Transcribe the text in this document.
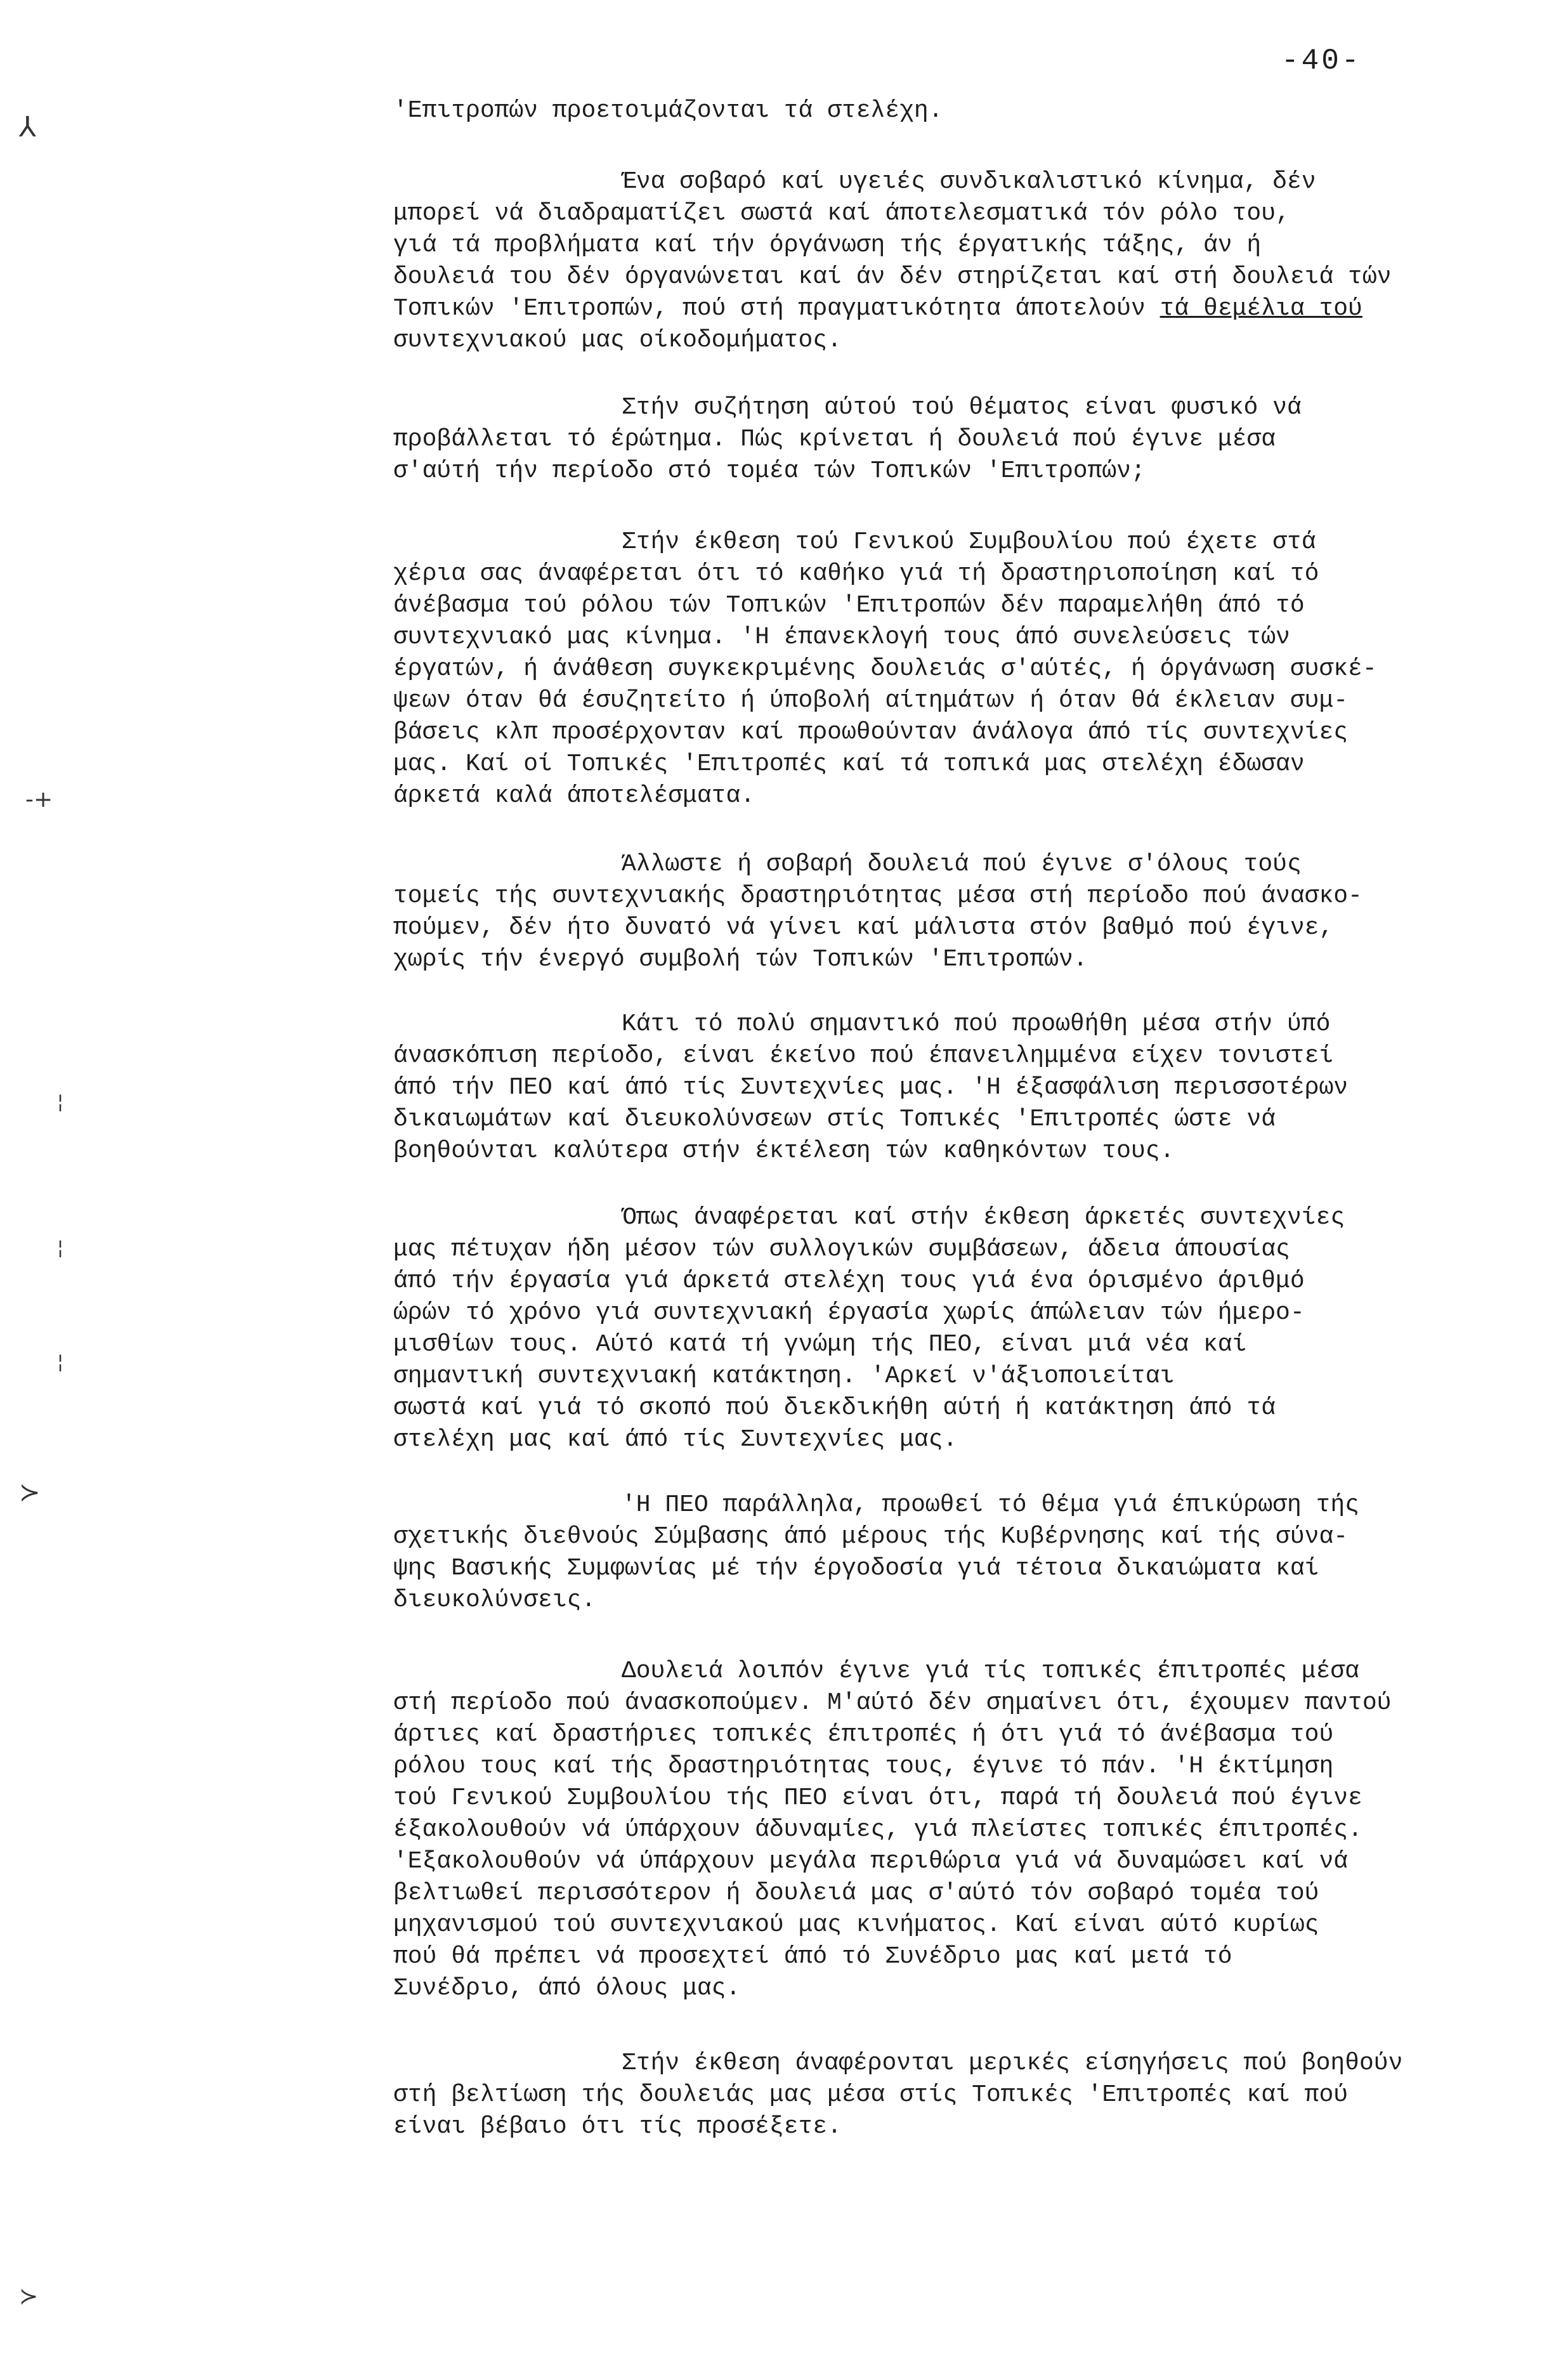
-40-
⅄
-+
¦
¦
¦
≻
≻
'Επιτροπών προετοιμάζονται τά στελέχη.
Ένα σοβαρό καί υγειές συνδικαλιστικό κίνημα, δέν
μπορεί νά διαδραματίζει σωστά καί άποτελεσματικά τόν ρόλο του,
γιά τά προβλήματα καί τήν όργάνωση τής έργατικής τάξης, άν ή
δουλειά του δέν όργανώνεται καί άν δέν στηρίζεται καί στή δουλειά τών
Τοπικών 'Επιτροπών, πού στή πραγματικότητα άποτελούν τά θεμέλια τού
συντεχνιακού μας οίκοδομήματος.
Στήν συζήτηση αύτού τού θέματος είναι φυσικό νά
προβάλλεται τό έρώτημα. Πώς κρίνεται ή δουλειά πού έγινε μέσα
σ'αύτή τήν περίοδο στό τομέα τών Τοπικών 'Επιτροπών;
Στήν έκθεση τού Γενικού Συμβουλίου πού έχετε στά
χέρια σας άναφέρεται ότι τό καθήκο γιά τή δραστηριοποίηση καί τό
άνέβασμα τού ρόλου τών Τοπικών 'Επιτροπών δέν παραμελήθη άπό τό
συντεχνιακό μας κίνημα. 'Η έπανεκλογή τους άπό συνελεύσεις τών
έργατών, ή άνάθεση συγκεκριμένης δουλειάς σ'αύτές, ή όργάνωση συσκέ-
ψεων όταν θά έσυζητείτο ή ύποβολή αίτημάτων ή όταν θά έκλειαν συμ-
βάσεις κλπ προσέρχονταν καί προωθούνταν άνάλογα άπό τίς συντεχνίες
μας. Καί οί Τοπικές 'Επιτροπές καί τά τοπικά μας στελέχη έδωσαν
άρκετά καλά άποτελέσματα.
Άλλωστε ή σοβαρή δουλειά πού έγινε σ'όλους τούς
τομείς τής συντεχνιακής δραστηριότητας μέσα στή περίοδο πού άνασκο-
πούμεν, δέν ήτο δυνατό νά γίνει καί μάλιστα στόν βαθμό πού έγινε,
χωρίς τήν ένεργό συμβολή τών Τοπικών 'Επιτροπών.
Κάτι τό πολύ σημαντικό πού προωθήθη μέσα στήν ύπό
άνασκόπιση περίοδο, είναι έκείνο πού έπανειλημμένα είχεν τονιστεί
άπό τήν ΠΕΟ καί άπό τίς Συντεχνίες μας. 'Η έξασφάλιση περισσοτέρων
δικαιωμάτων καί διευκολύνσεων στίς Τοπικές 'Επιτροπές ώστε νά
βοηθούνται καλύτερα στήν έκτέλεση τών καθηκόντων τους.
Όπως άναφέρεται καί στήν έκθεση άρκετές συντεχνίες
μας πέτυχαν ήδη μέσον τών συλλογικών συμβάσεων, άδεια άπουσίας
άπό τήν έργασία γιά άρκετά στελέχη τους γιά ένα όρισμένο άριθμό
ώρών τό χρόνο γιά συντεχνιακή έργασία χωρίς άπώλειαν τών ήμερο-
μισθίων τους. Αύτό κατά τή γνώμη τής ΠΕΟ, είναι μιά νέα καί
σημαντική συντεχνιακή κατάκτηση. 'Αρκεί ν'άξιοποιείται
σωστά καί γιά τό σκοπό πού διεκδικήθη αύτή ή κατάκτηση άπό τά
στελέχη μας καί άπό τίς Συντεχνίες μας.
'Η ΠΕΟ παράλληλα, προωθεί τό θέμα γιά έπικύρωση τής
σχετικής διεθνούς Σύμβασης άπό μέρους τής Κυβέρνησης καί τής σύνα-
ψης Βασικής Συμφωνίας μέ τήν έργοδοσία γιά τέτοια δικαιώματα καί
διευκολύνσεις.
Δουλειά λοιπόν έγινε γιά τίς τοπικές έπιτροπές μέσα
στή περίοδο πού άνασκοπούμεν. Μ'αύτό δέν σημαίνει ότι, έχουμεν παντού
άρτιες καί δραστήριες τοπικές έπιτροπές ή ότι γιά τό άνέβασμα τού
ρόλου τους καί τής δραστηριότητας τους, έγινε τό πάν. 'Η έκτίμηση
τού Γενικού Συμβουλίου τής ΠΕΟ είναι ότι, παρά τή δουλειά πού έγινε
έξακολουθούν νά ύπάρχουν άδυναμίες, γιά πλείστες τοπικές έπιτροπές.
'Εξακολουθούν νά ύπάρχουν μεγάλα περιθώρια γιά νά δυναμώσει καί νά
βελτιωθεί περισσότερον ή δουλειά μας σ'αύτό τόν σοβαρό τομέα τού
μηχανισμού τού συντεχνιακού μας κινήματος. Καί είναι αύτό κυρίως
πού θά πρέπει νά προσεχτεί άπό τό Συνέδριο μας καί μετά τό
Συνέδριο, άπό όλους μας.
Στήν έκθεση άναφέρονται μερικές είσηγήσεις πού βοηθούν
στή βελτίωση τής δουλειάς μας μέσα στίς Τοπικές 'Επιτροπές καί πού
είναι βέβαιο ότι τίς προσέξετε.
